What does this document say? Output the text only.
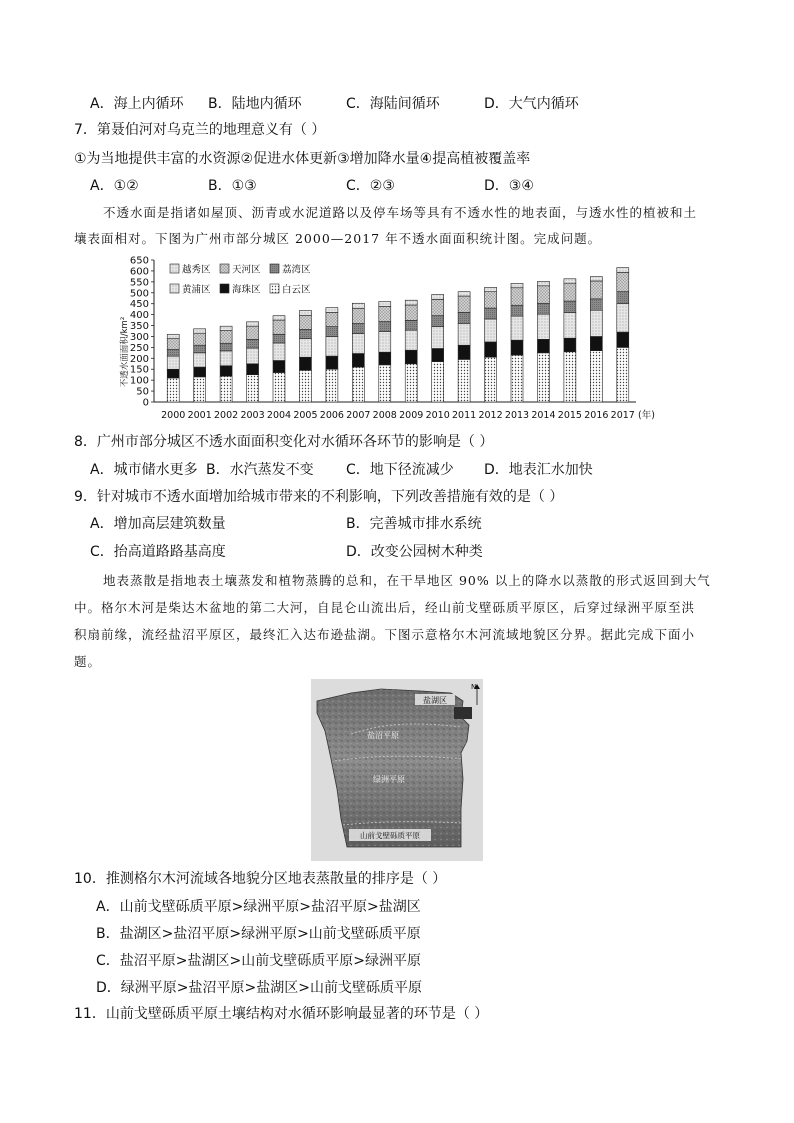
A．海上内循环 B．陆地内循环	C．海陆间循环	D．大气内循环
7．第聂伯河对乌克兰的地理意义有（ ）
①为当地提供丰富的水资源②促进水体更新③增加降水量④提高植被覆盖率
A．①②	B．①③	C．②③	D．③④
不透水面是指诸如屋顶、沥青或水泥道路以及停车场等具有不透水性的地表面，与透水性的植被和土
壤表面相对。下图为广州市部分城区 2000—2017 年不透水面面积统计图。完成问题。
0
50
100
150
200
250
300
350
400
450
500
550
600
650
不透水面面积/km²
2000 2001 2002 2003 2004 2005 2006 2007 2008 2009 2010 2011 2012 2013 2014 2015 2016 2017 (年)
越秀区 天河区 荔湾区
黄浦区 海珠区 白云区
8．广州市部分城区不透水面面积变化对水循环各环节的影响是（ ）
A．城市储水更多 B．水汽蒸发不变 C．地下径流减少 D．地表汇水加快
9．针对城市不透水面增加给城市带来的不利影响，下列改善措施有效的是（ ）
A．增加高层建筑数量	B．完善城市排水系统
C．抬高道路路基高度	D．改变公园树木种类
地表蒸散是指地表土壤蒸发和植物蒸腾的总和，在干旱地区 90% 以上的降水以蒸散的形式返回到大气
中。格尔木河是柴达木盆地的第二大河，自昆仑山流出后，经山前戈壁砾质平原区，后穿过绿洲平原至洪
积扇前缘，流经盐沼平原区，最终汇入达布逊盐湖。下图示意格尔木河流域地貌区分界。据此完成下面小
题。
盐湖区
盐沼平原
绿洲平原
山前戈壁砾质平原
N
10．推测格尔木河流域各地貌分区地表蒸散量的排序是（ ）
A．山前戈壁砾质平原>绿洲平原>盐沼平原>盐湖区
B．盐湖区>盐沼平原>绿洲平原>山前戈壁砾质平原
C．盐沼平原>盐湖区>山前戈壁砾质平原>绿洲平原
D．绿洲平原>盐沼平原>盐湖区>山前戈壁砾质平原
11．山前戈壁砾质平原土壤结构对水循环影响最显著的环节是（ ）
